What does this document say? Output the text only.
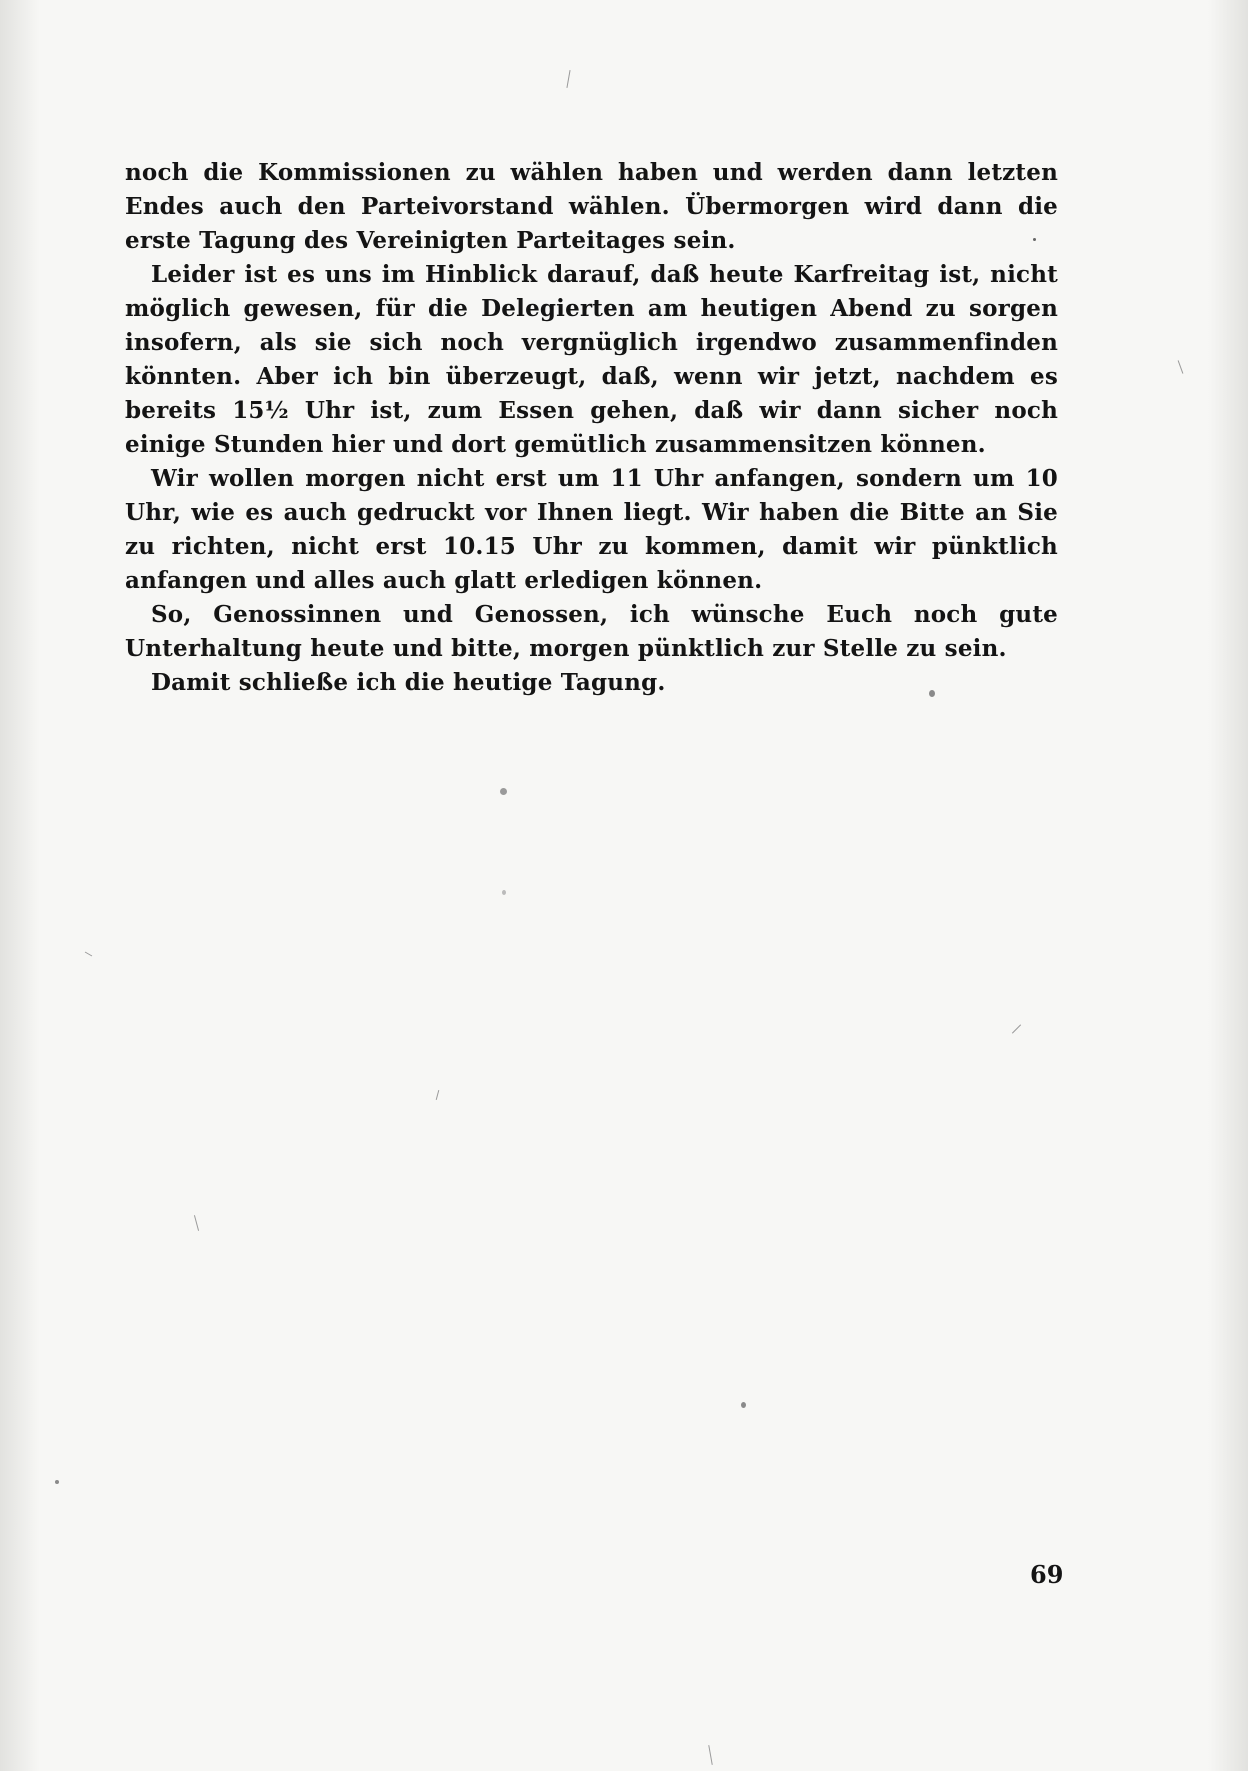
noch die Kommissionen zu wählen haben und werden dann letzten Endes auch den Parteivorstand wählen. Übermorgen wird dann die erste Tagung des Vereinigten Parteitages sein.

Leider ist es uns im Hinblick darauf, daß heute Karfreitag ist, nicht möglich gewesen, für die Delegierten am heutigen Abend zu sorgen insofern, als sie sich noch vergnüglich irgendwo zusammenfinden könnten. Aber ich bin überzeugt, daß, wenn wir jetzt, nachdem es bereits 15½ Uhr ist, zum Essen gehen, daß wir dann sicher noch einige Stunden hier und dort gemütlich zusammensitzen können.

Wir wollen morgen nicht erst um 11 Uhr anfangen, sondern um 10 Uhr, wie es auch gedruckt vor Ihnen liegt. Wir haben die Bitte an Sie zu richten, nicht erst 10.15 Uhr zu kommen, damit wir pünktlich anfangen und alles auch glatt erledigen können.

So, Genossinnen und Genossen, ich wünsche Euch noch gute Unterhaltung heute und bitte, morgen pünktlich zur Stelle zu sein.

Damit schließe ich die heutige Tagung.

69
